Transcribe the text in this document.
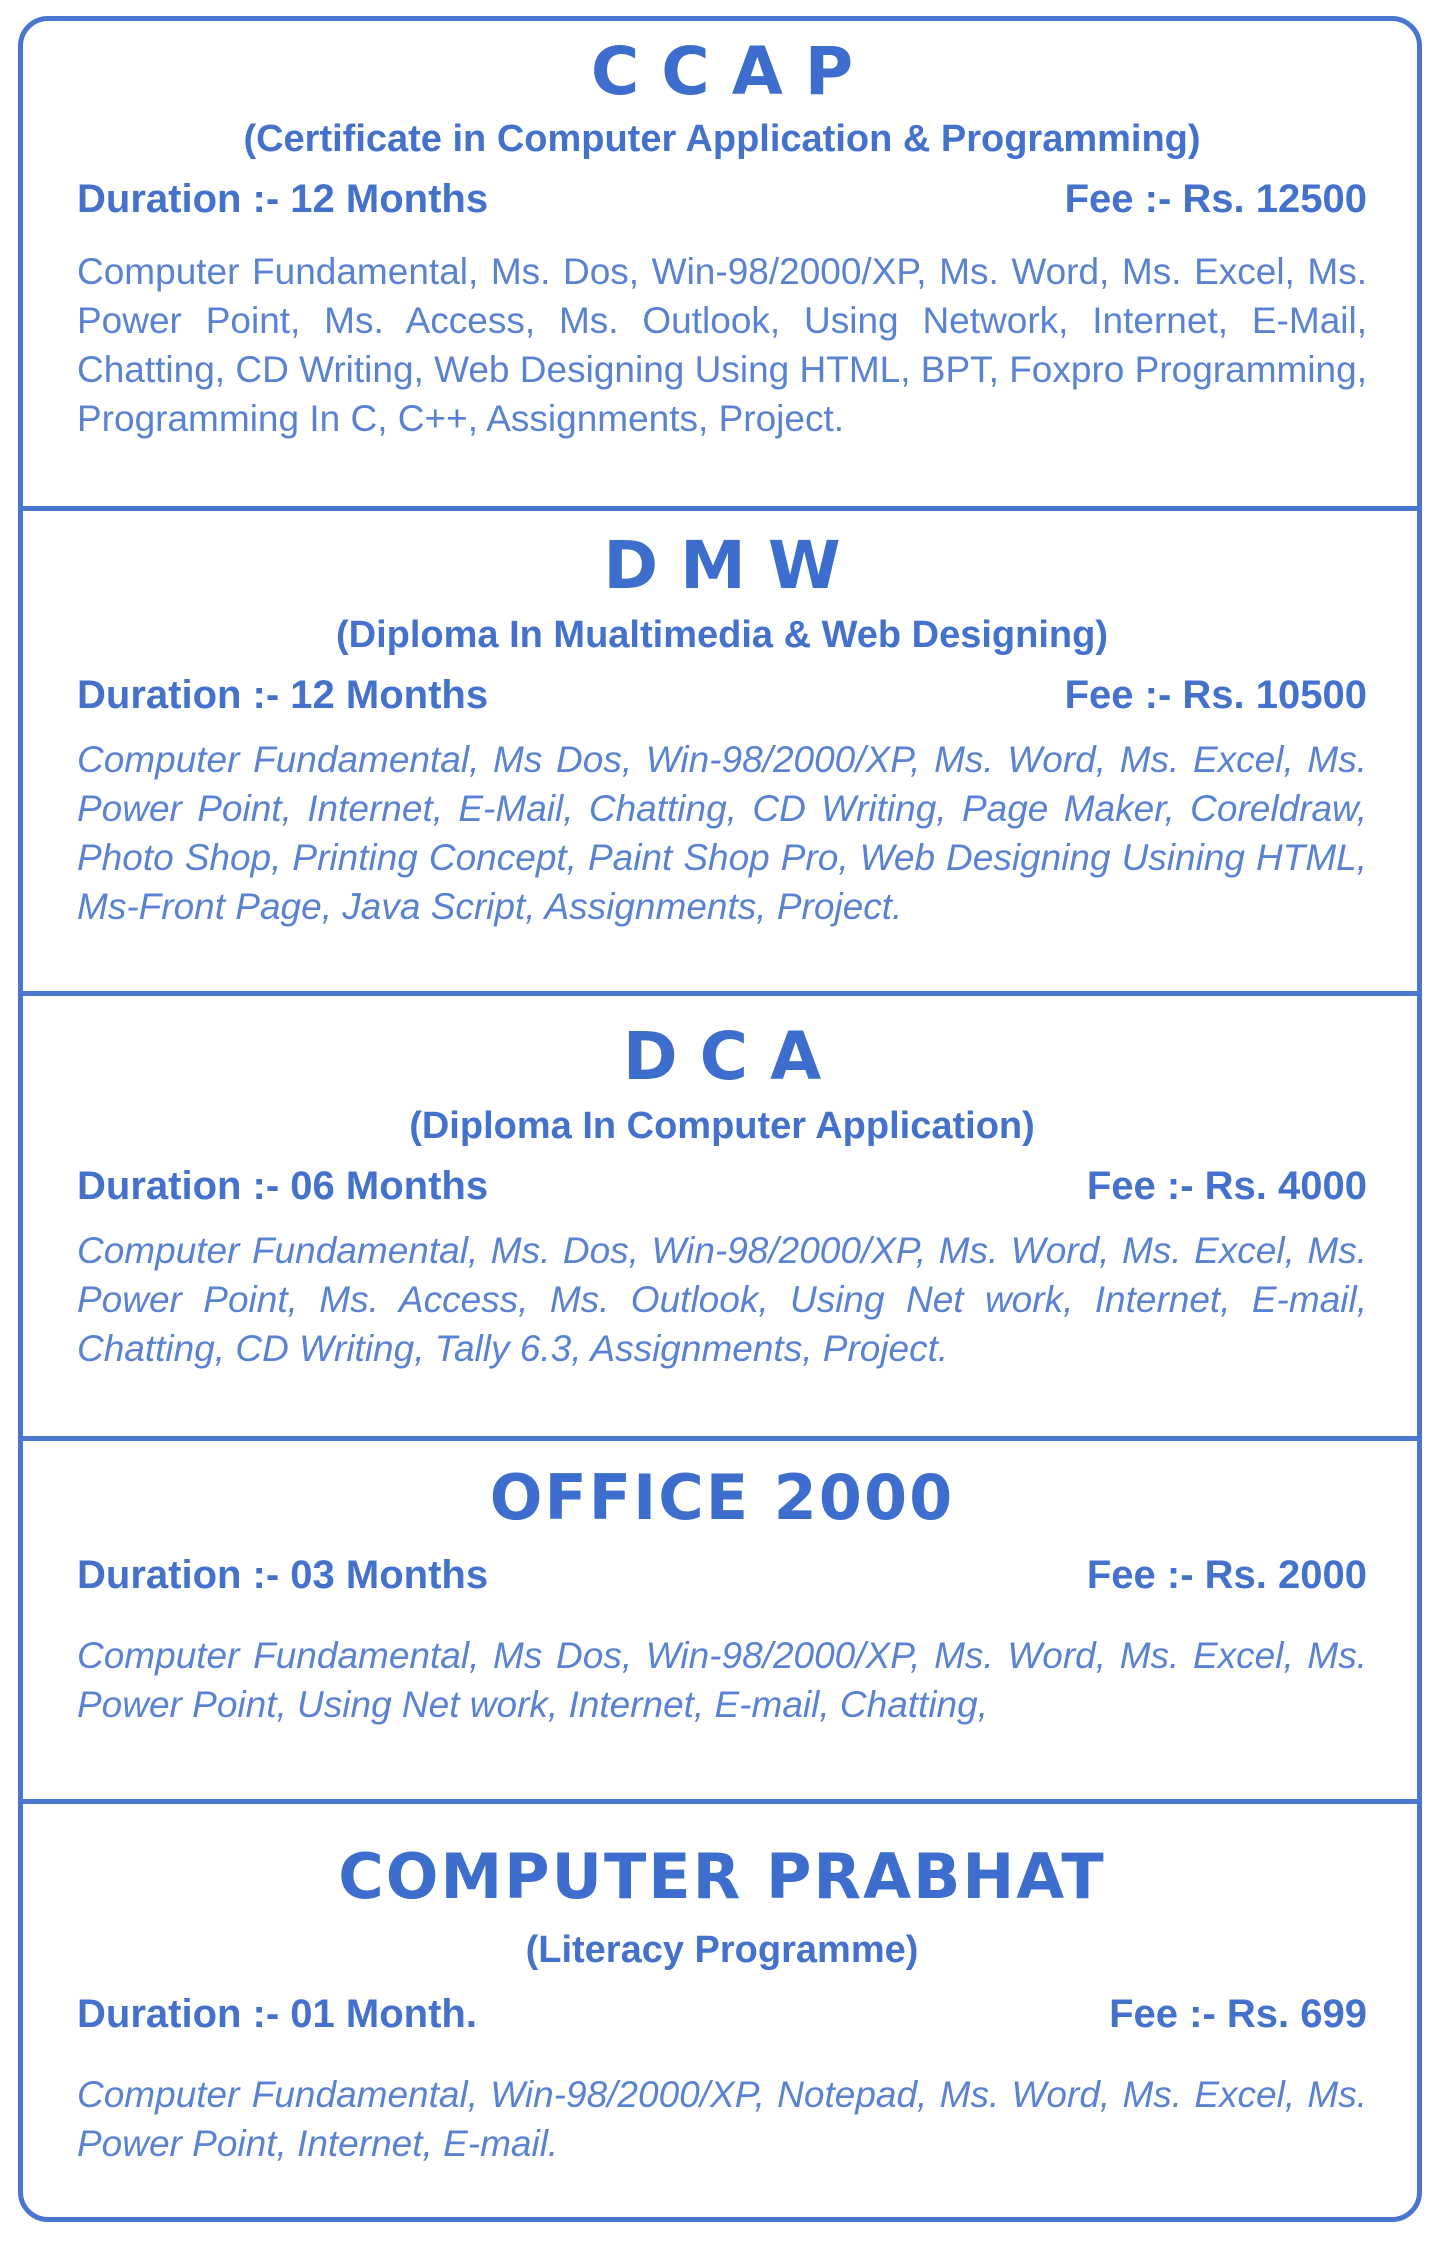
CCAP

(Certificate in Computer Application & Programming)

Duration :- 12 Months	Fee :- Rs. 12500

Computer Fundamental, Ms. Dos, Win-98/2000/XP, Ms. Word, Ms. Excel, Ms. Power Point, Ms. Access, Ms. Outlook, Using Network, Internet, E-Mail, Chatting, CD Writing, Web Designing Using HTML, BPT, Foxpro Programming, Programming In C, C++, Assignments, Project.

DMW

(Diploma In Mualtimedia & Web Designing)

Duration :- 12 Months	Fee :- Rs. 10500

Computer Fundamental, Ms Dos, Win-98/2000/XP, Ms. Word, Ms. Excel, Ms. Power Point, Internet, E-Mail, Chatting, CD Writing, Page Maker, Coreldraw, Photo Shop, Printing Concept, Paint Shop Pro, Web Designing Usining HTML, Ms-Front Page, Java Script, Assignments, Project.

DCA

(Diploma In Computer Application)

Duration :- 06 Months	Fee :- Rs. 4000

Computer Fundamental, Ms. Dos, Win-98/2000/XP, Ms. Word, Ms. Excel, Ms. Power Point, Ms. Access, Ms. Outlook, Using Net work, Internet, E-mail, Chatting, CD Writing, Tally 6.3, Assignments, Project.

OFFICE 2000
Duration :- 03 Months	Fee :- Rs. 2000

Computer Fundamental, Ms Dos, Win-98/2000/XP, Ms. Word, Ms. Excel, Ms. Power Point, Using Net work, Internet, E-mail, Chatting,

COMPUTER PRABHAT

(Literacy Programme)

Duration :- 01 Month.	Fee :- Rs. 699

Computer Fundamental, Win-98/2000/XP, Notepad, Ms. Word, Ms. Excel, Ms. Power Point, Internet, E-mail.
